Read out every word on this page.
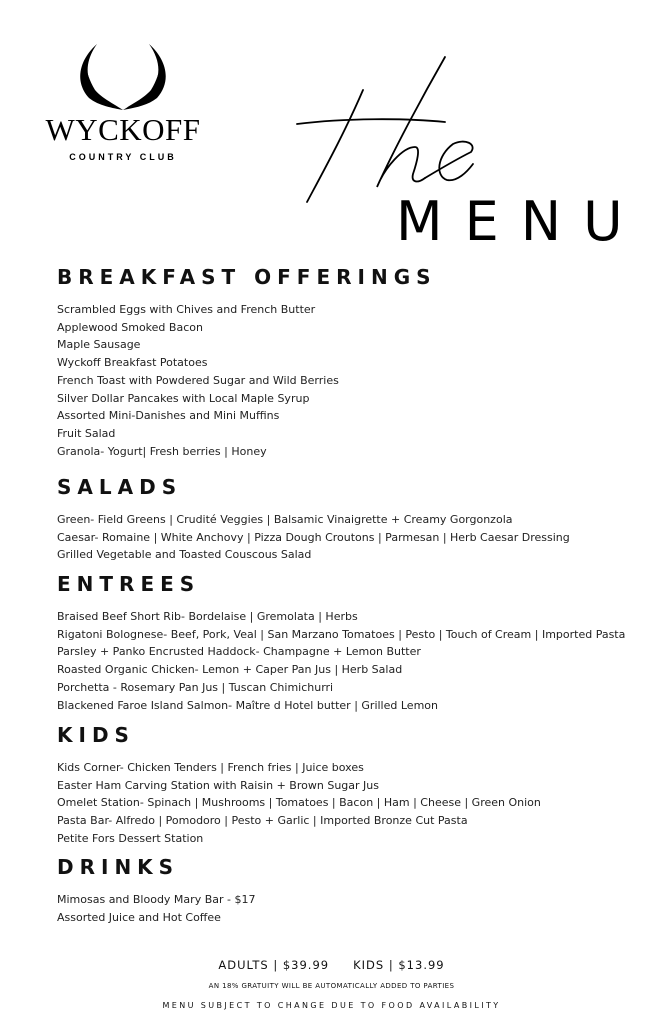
WYCKOFF
COUNTRY CLUB
MENU
BREAKFAST OFFERINGS
Scrambled Eggs with Chives and French Butter
Applewood Smoked Bacon
Maple Sausage
Wyckoff Breakfast Potatoes
French Toast with Powdered Sugar and Wild Berries
Silver Dollar Pancakes with Local Maple Syrup
Assorted Mini-Danishes and Mini Muffins
Fruit Salad
Granola- Yogurt| Fresh berries | Honey
SALADS
Green- Field Greens | Crudité Veggies | Balsamic Vinaigrette + Creamy Gorgonzola
Caesar- Romaine | White Anchovy | Pizza Dough Croutons | Parmesan | Herb Caesar Dressing
Grilled Vegetable and Toasted Couscous Salad
ENTREES
Braised Beef Short Rib- Bordelaise | Gremolata | Herbs
Rigatoni Bolognese- Beef, Pork, Veal | San Marzano Tomatoes | Pesto | Touch of Cream | Imported Pasta
Parsley + Panko Encrusted Haddock- Champagne + Lemon Butter
Roasted Organic Chicken- Lemon + Caper Pan Jus | Herb Salad
Porchetta - Rosemary Pan Jus | Tuscan Chimichurri
Blackened Faroe Island Salmon- Maître d Hotel butter | Grilled Lemon
KIDS
Kids Corner- Chicken Tenders | French fries | Juice boxes
Easter Ham Carving Station with Raisin + Brown Sugar Jus
Omelet Station- Spinach | Mushrooms | Tomatoes | Bacon | Ham | Cheese | Green Onion
Pasta Bar- Alfredo | Pomodoro | Pesto + Garlic | Imported Bronze Cut Pasta
Petite Fors Dessert Station
DRINKS
Mimosas and Bloody Mary Bar - $17
Assorted Juice and Hot Coffee
ADULTS | $39.99 KIDS | $13.99
AN 18% GRATUITY WILL BE AUTOMATICALLY ADDED TO PARTIES
MENU SUBJECT TO CHANGE DUE TO FOOD AVAILABILITY
